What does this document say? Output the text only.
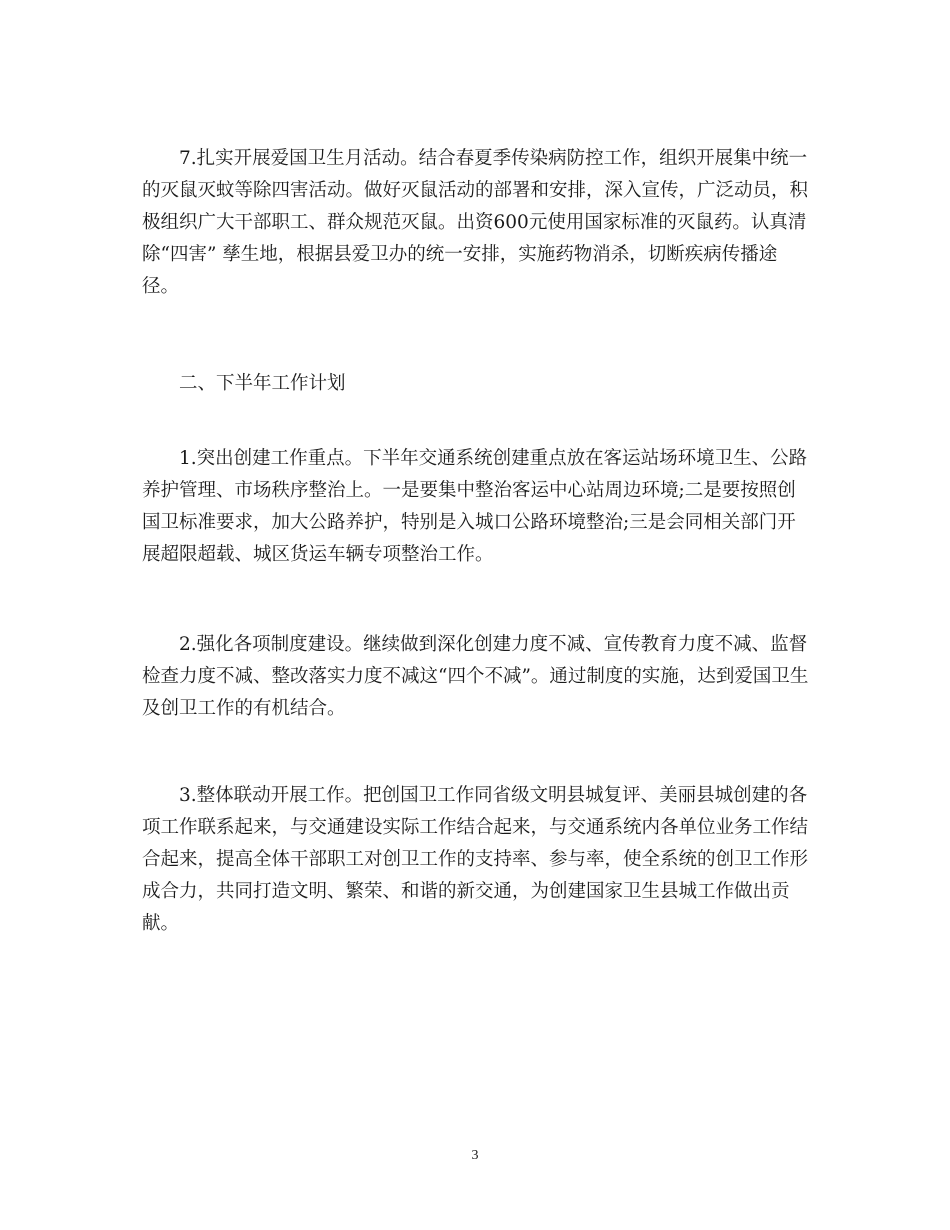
7.扎实开展爱国卫生月活动。结合春夏季传染病防控工作，组织开展集中统一
的灭鼠灭蚊等除四害活动。做好灭鼠活动的部署和安排，深入宣传，广泛动员，积
极组织广大干部职工、群众规范灭鼠。出资600元使用国家标准的灭鼠药。认真清
除“四害” 孳生地，根据县爱卫办的统一安排，实施药物消杀，切断疾病传播途
径。
二、下半年工作计划
1.突出创建工作重点。下半年交通系统创建重点放在客运站场环境卫生、公路
养护管理、市场秩序整治上。一是要集中整治客运中心站周边环境;二是要按照创
国卫标准要求，加大公路养护，特别是入城口公路环境整治;三是会同相关部门开
展超限超载、城区货运车辆专项整治工作。
2.强化各项制度建设。继续做到深化创建力度不减、宣传教育力度不减、监督
检查力度不减、整改落实力度不减这“四个不减”。通过制度的实施，达到爱国卫生
及创卫工作的有机结合。
3.整体联动开展工作。把创国卫工作同省级文明县城复评、美丽县城创建的各
项工作联系起来，与交通建设实际工作结合起来，与交通系统内各单位业务工作结
合起来，提高全体干部职工对创卫工作的支持率、参与率，使全系统的创卫工作形
成合力，共同打造文明、繁荣、和谐的新交通，为创建国家卫生县城工作做出贡
献。
3
